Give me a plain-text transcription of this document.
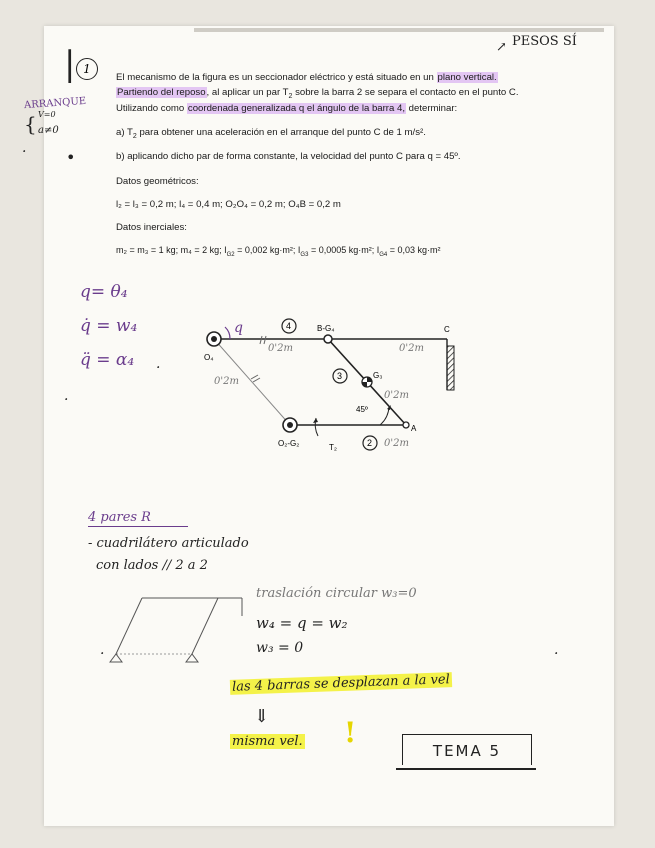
| 1
PESOS SÍ
↗
El mecanismo de la figura es un seccionador eléctrico y está situado en un plano vertical.
Partiendo del reposo, al aplicar un par $T_2$ sobre la barra 2 se separa el contacto en el punto C.
Utilizando como coordenada generalizada q el ángulo de la barra 4, determinar:
a) $T_2$ para obtener una aceleración en el arranque del punto C de 1 m/s².
b) aplicando dicho par de forma constante, la velocidad del punto C para q = 45º.
Datos geométricos:
l₂ = l₃ = 0,2 m; l₄ = 0,4 m; O₂O₄ = 0,2 m; O₄B = 0,2 m
Datos inerciales:
m₂ = m₃ = 1 kg; m₄ = 2 kg; $I_{G2} = 0,002$ kg·m²; $I_{G3} = 0,0005$ kg·m²; $I_{G4} = 0,03$ kg·m²
ARRANQUE
V=0
{ a≠0
· •
q= θ₄
q̇ = w₄
q̈ = α₄ ·
·
O₄
B-G₄	C
G₃
A
O₂-G₂	T₂
45º
4
3
2
q
0'2m	0'2m
0'2m
0'2m
0'2m
4 pares R
- cuadrilátero articulado
con lados // 2 a 2
traslación circular w₃=0
w₄ = q = w₂
w₃ = 0
·	·
las 4 barras se desplazan a la vel
⇓
misma vel. !
TEMA 5
